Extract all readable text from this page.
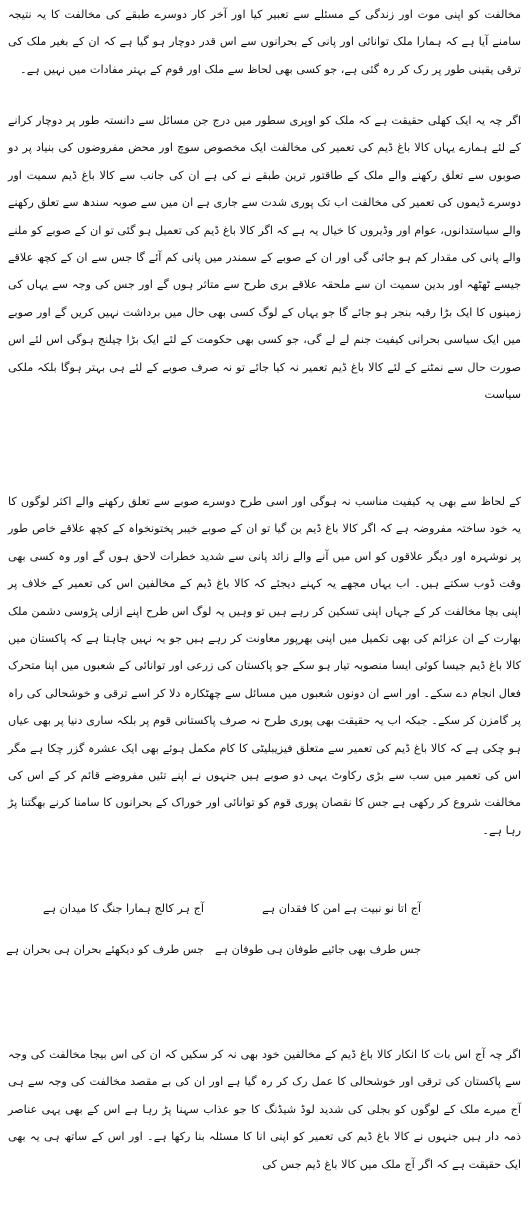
مخالفت کو اپنی موت اور زندگی کے مسئلے سے تعبیر کیا اور آخر کار دوسرے طبقے کی مخالفت کا یہ نتیجہ سامنے آیا ہے کہ ہمارا ملک توانائی اور پانی کے بحرانوں سے اس قدر دوچار ہو گیا ہے کہ ان کے بغیر ملک کی ترقی یقینی طور پر رک کر رہ گئی ہے، جو کسی بھی لحاظ سے ملک اور قوم کے بہتر مفادات میں نہیں ہے۔

اگر چہ یہ ایک کھلی حقیقت ہے کہ ملک کو اوپری سطور میں درج جن مسائل سے دانستہ طور پر دوچار کرانے کے لئے ہمارے یہاں کالا باغ ڈیم کی تعمیر کی مخالفت ایک مخصوص سوچ اور محض مفروضوں کی بنیاد پر دو صوبوں سے تعلق رکھنے والے ملک کے طاقتور ترین طبقے نے کی ہے ان کی جانب سے کالا باغ ڈیم سمیت اور دوسرے ڈیموں کی تعمیر کی مخالفت اب تک پوری شدت سے جاری ہے ان میں سے صوبہ سندھ سے تعلق رکھنے والے سیاستدانوں، عوام اور وڈیروں کا خیال یہ ہے کہ اگر کالا باغ ڈیم کی تعمیل ہو گئی تو ان کے صوبے کو ملنے والے پانی کی مقدار کم ہو جائی گی اور ان کے صوبے کے سمندر میں پانی کم آئے گا جس سے ان کے کچھ علاقے جیسے ٹھٹھہ اور بدین سمیت ان سے ملحقہ علاقے بری طرح سے متاثر ہوں گے اور جس کی وجہ سے یہاں کی زمینوں کا ایک بڑا رقبہ بنجر ہو جائے گا جو یہاں کے لوگ کسی بھی حال میں برداشت نہیں کریں گے اور صوبے میں ایک سیاسی بحرانی کیفیت جنم لے لے گی، جو کسی بھی حکومت کے لئے ایک بڑا چیلنج ہوگی اس لئے اس صورت حال سے نمٹنے کے لئے کالا باغ ڈیم تعمیر نہ کیا جائے تو نہ صرف صوبے کے لئے ہی بہتر ہوگا بلکہ ملکی سیاست

کے لحاظ سے بھی یہ کیفیت مناسب نہ ہوگی اور اسی طرح دوسرے صوبے سے تعلق رکھنے والے اکثر لوگوں کا یہ خود ساختہ مفروضہ ہے کہ اگر کالا باغ ڈیم بن گیا تو ان کے صوبے خیبر پختونخواہ کے کچھ علاقے خاص طور پر نوشہرہ اور دیگر علاقوں کو اس میں آنے والے زائد پانی سے شدید خطرات لاحق ہوں گے اور وہ کسی بھی وقت ڈوب سکتے ہیں۔ اب یہاں مجھے یہ کہنے دیجئے کہ کالا باغ ڈیم کے مخالفین اس کی تعمیر کے خلاف پر اپنی بچا مخالفت کر کے جہاں اپنی تسکین کر رہے ہیں تو وہیں یہ لوگ اس طرح اپنے ازلی پڑوسی دشمن ملک بھارت کے ان عزائم کی بھی تکمیل میں اپنی بھرپور معاونت کر رہے ہیں جو یہ نہیں چاہتا ہے کہ پاکستان میں کالا باغ ڈیم جیسا کوئی ایسا منصوبہ تیار ہو سکے جو پاکستان کی زرعی اور توانائی کے شعبوں میں اپنا متحرک فعال انجام دے سکے۔ اور اسے ان دونوں شعبوں میں مسائل سے چھٹکارہ دلا کر اسے ترقی و خوشحالی کی راہ پر گامزن کر سکے۔ جبکہ اب یہ حقیقت بھی پوری طرح نہ صرف پاکستانی قوم پر بلکہ ساری دنیا پر بھی عیاں ہو چکی ہے کہ کالا باغ ڈیم کی تعمیر سے متعلق فیزیبلیٹی کا کام مکمل ہوئے بھی ایک عشرہ گزر چکا ہے مگر اس کی تعمیر میں سب سے بڑی رکاوٹ یہی دو صوبے ہیں جنہوں نے اپنے تئیں مفروضے قائم کر کے اس کی مخالفت شروع کر رکھی ہے جس کا نقصان پوری قوم کو توانائی اور خوراک کے بحرانوں کا سامنا کرنے بھگتنا پڑ رہا ہے۔

آج اتا نو نبیت ہے امن کا فقدان ہے
آج ہر کالج ہمارا جنگ کا میدان ہے
جس طرف بھی جائیے طوفان ہی طوفان ہے
جس طرف کو دیکھئے بحران ہی بحران ہے

اگر چہ آج اس بات کا انکار کالا باغ ڈیم کے مخالفین خود بھی نہ کر سکیں کہ ان کی اس بیجا مخالفت کی وجہ سے پاکستان کی ترقی اور خوشحالی کا عمل رک کر رہ گیا ہے اور ان کی بے مقصد مخالفت کی وجہ سے ہی آج میرے ملک کے لوگوں کو بجلی کی شدید لوڈ شیڈنگ کا جو عذاب سہنا پڑ رہا ہے اس کے بھی یہی عناصر ذمہ دار ہیں جنہوں نے کالا باغ ڈیم کی تعمیر کو اپنی انا کا مسئلہ بنا رکھا ہے۔ اور اس کے ساتھ ہی یہ بھی ایک حقیقت ہے کہ اگر آج ملک میں کالا باغ ڈیم جس کی
